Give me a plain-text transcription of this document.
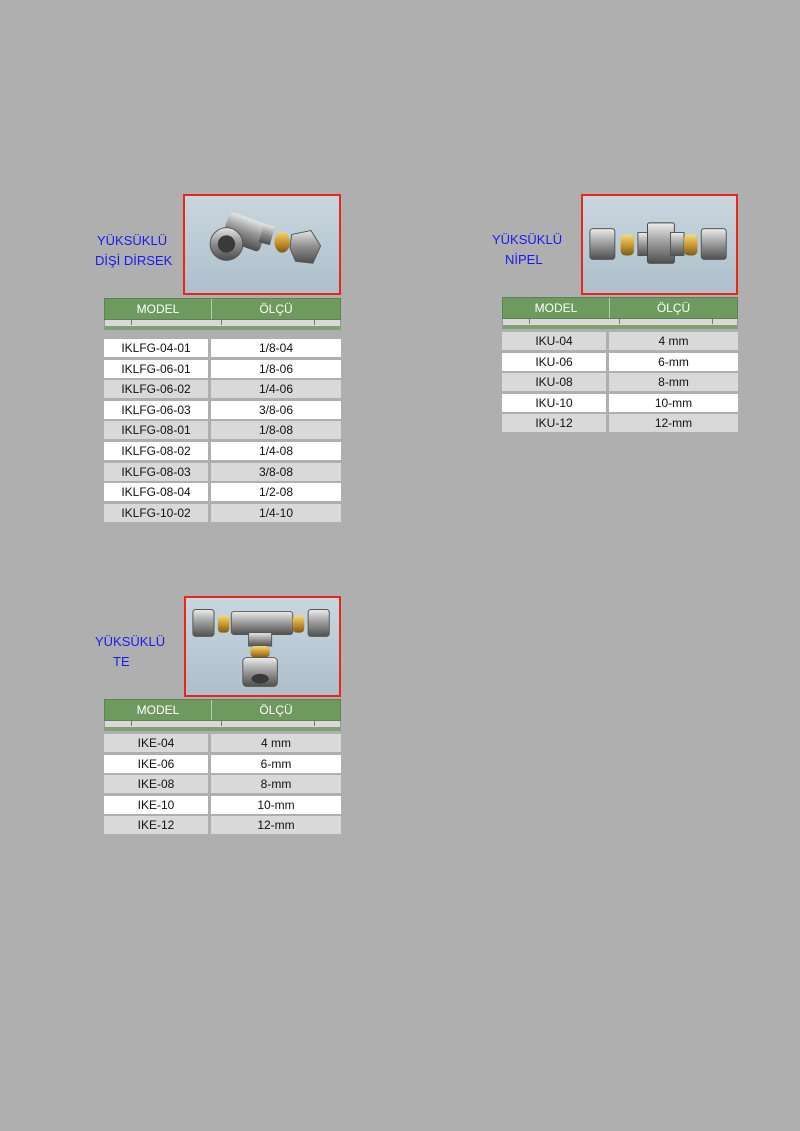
YÜKSÜKLÜ
DİŞİ DİRSEK
MODEL	ÖLÇÜ
IKLFG-04-01	1/8-04
IKLFG-06-01	1/8-06
IKLFG-06-02	1/4-06
IKLFG-06-03	3/8-06
IKLFG-08-01	1/8-08
IKLFG-08-02	1/4-08
IKLFG-08-03	3/8-08
IKLFG-08-04	1/2-08
IKLFG-10-02	1/4-10
YÜKSÜKLÜ
NİPEL
MODEL	ÖLÇÜ
IKU-04	4 mm
IKU-06	6-mm
IKU-08	8-mm
IKU-10	10-mm
IKU-12	12-mm
YÜKSÜKLÜ
TE
MODEL	ÖLÇÜ
IKE-04	4 mm
IKE-06	6-mm
IKE-08	8-mm
IKE-10	10-mm
IKE-12	12-mm
